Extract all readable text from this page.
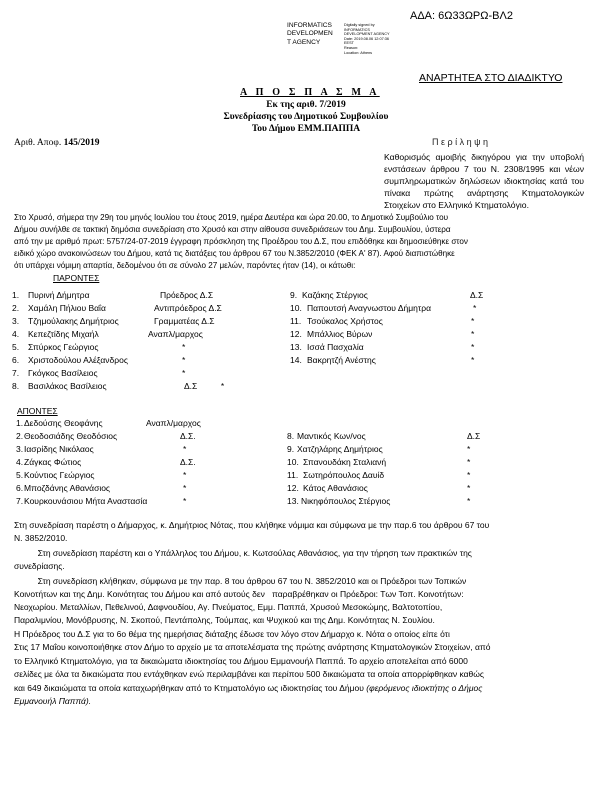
ΑΔΑ: 6Ω33ΩΡΩ-ΒΛ2
INFORMATICS
DEVELOPMEN
T AGENCY
Digitally signed by
INFORMATICS
DEVELOPMENT AGENCY
Date: 2019.08.06 12:07:36
EEST
Reason:
Location: Athens
ΑΝΑΡΤΗΤΕΑ ΣΤΟ ΔΙΑΔΙΚΤΥΟ
Α Π Ο Σ Π Α Σ Μ Α
Εκ της αριθ. 7/2019
Συνεδρίασης του Δημοτικού Συμβουλίου
Του Δήμου ΕΜΜ.ΠΑΠΠΑ
Αριθ. Αποφ. 145/2019	Π ε ρ ί λ η ψ η
Καθορισμός αμοιβής δικηγόρου για την υποβολή ενστάσεων άρθρου 7 του Ν. 2308/1995 και νέων συμπληρωματικών δηλώσεων ιδιοκτησίας κατά του πίνακα πρώτης ανάρτησης Κτηματολογικών Στοιχείων στο Ελληνικό Κτηματολόγιο.
Στο Χρυσό, σήμερα την 29η του μηνός Ιουλίου του έτους 2019, ημέρα Δευτέρα και ώρα 20.00, το Δημοτικό Συμβούλιο του
Δήμου συνήλθε σε τακτική δημόσια συνεδρίαση στο Χρυσό και στην αίθουσα συνεδριάσεων του Δημ. Συμβουλίου, ύστερα
από την με αριθμό πρωτ: 5757/24-07-2019 έγγραφη πρόσκληση της Προέδρου του Δ.Σ, που επιδόθηκε και δημοσιεύθηκε στον
ειδικό χώρο ανακοινώσεων του Δήμου, κατά τις διατάξεις του άρθρου 67 του Ν.3852/2010 (ΦΕΚ Α' 87). Αφού διαπιστώθηκε
ότι υπάρχει νόμιμη απαρτία, δεδομένου ότι σε σύνολο 27 μελών, παρόντες ήταν (14), οι κάτωθι:
ΠΑΡΟΝΤΕΣ
1. Πυρινή Δήμητρα	Πρόεδρος Δ.Σ
2. Χαμάλη Πήλιου Βαΐα	Αντιπρόεδρος Δ.Σ
3. Τζημούλακης Δημήτριος	Γραμματέας Δ.Σ
4. Κεπεζτίδης Μιχαήλ	Αναπλ/μαρχος
5. Σπύρκος Γεώργιος	*
6. Χριστοδούλου Αλέξανδρος	*
7. Γκόγκος Βασίλειος	*
8. Βασιλάκος Βασίλειος	Δ.Σ          *
9. Καζάκης Στέργιος	Δ.Σ
10. Παπουτσή Αναγνωστου Δήμητρα	*
11. Τσούκαλος Χρήστος	*
12. Μπάλλιος Βύρων	*
13. Ισσά Πασχαλία	*
14. Βακρητζή Ανέστης	*
ΑΠΟΝΤΕΣ
1. Δεδούσης Θεοφάνης	Αναπλ/μαρχος
2. Θεοδοσιάδης Θεοδόσιος	Δ.Σ.
3. Ιασρίδης Νικόλαος	*
4. Ζάγκας Φώτιος	Δ.Σ.
5. Κούντιος Γεώργιος	*
6. Μποζδάνης Αθανάσιος	*
7. Κουρκουνάσιου Μήτα Αναστασία	*
8. Μαντικός Κων/νος	Δ.Σ
9. Χατζηλάρης Δημήτριος	*
10. Σπανουδάκη Σταλιανή	*
11. Σωτηρόπουλος Δαυίδ	*
12. Κάτος Αθανάσιος	*
13. Νικηφόπουλος Στέργιος	*
Στη συνεδρίαση παρέστη ο Δήμαρχος, κ. Δημήτριος Νότας, που κλήθηκε νόμιμα και σύμφωνα με την παρ.6 του άρθρου 67 του
Ν. 3852/2010.
Στη συνεδρίαση παρέστη και ο Υπάλληλος του Δήμου, κ. Κωτσούλας Αθανάσιος, για την τήρηση των πρακτικών της
συνεδρίασης.
Στη συνεδρίαση κλήθηκαν, σύμφωνα με την παρ. 8 του άρθρου 67 του Ν. 3852/2010 και οι Πρόεδροι των Τοπικών
Κοινοτήτων και της Δημ. Κοινότητας του Δήμου και από αυτούς δεν   παραβρέθηκαν οι Πρόεδροι: Των Τοπ. Κοινοτήτων:
Νεοχωρίου. Μεταλλίων, Πεθελινού, Δαφνουδίου, Αγ. Πνεύματος, Εμμ. Παππά, Χρυσού Μεσοκώμης, Βαλτοτοπίου,
Παραλιμνίου, Μονόβρυσης, Ν. Σκοπού, Πεντάπολης, Τούμπας, και Ψυχικού και της Δημ. Κοινότητας Ν. Σουλίου.
Η Πρόεδρος του Δ.Σ για το 6ο θέμα της ημερήσιας διάταξης έδωσε τον λόγο στον Δήμαρχο κ. Νότα ο οποίος είπε ότι
Στις 17 Μαΐου κοινοποιήθηκε στον Δήμο το αρχείο με τα αποτελέσματα της πρώτης ανάρτησης Κτηματολογικών Στοιχείων, από
το Ελληνικό Κτηματολόγιο, για τα δικαιώματα ιδιοκτησίας του Δήμου Εμμανουήλ Παππά. Το αρχείο αποτελείται από 6000
σελίδες με όλα τα δικαιώματα που εντάχθηκαν ενώ περιλαμβάνει και περίπου 500 δικαιώματα τα οποία απορρίφθηκαν καθώς
και 649 δικαιώματα τα οποία καταχωρήθηκαν από το Κτηματολόγιο ως ιδιοκτησίας του Δήμου (φερόμενος ιδιοκτήτης ο Δήμος
Εμμανουήλ Παππά).
